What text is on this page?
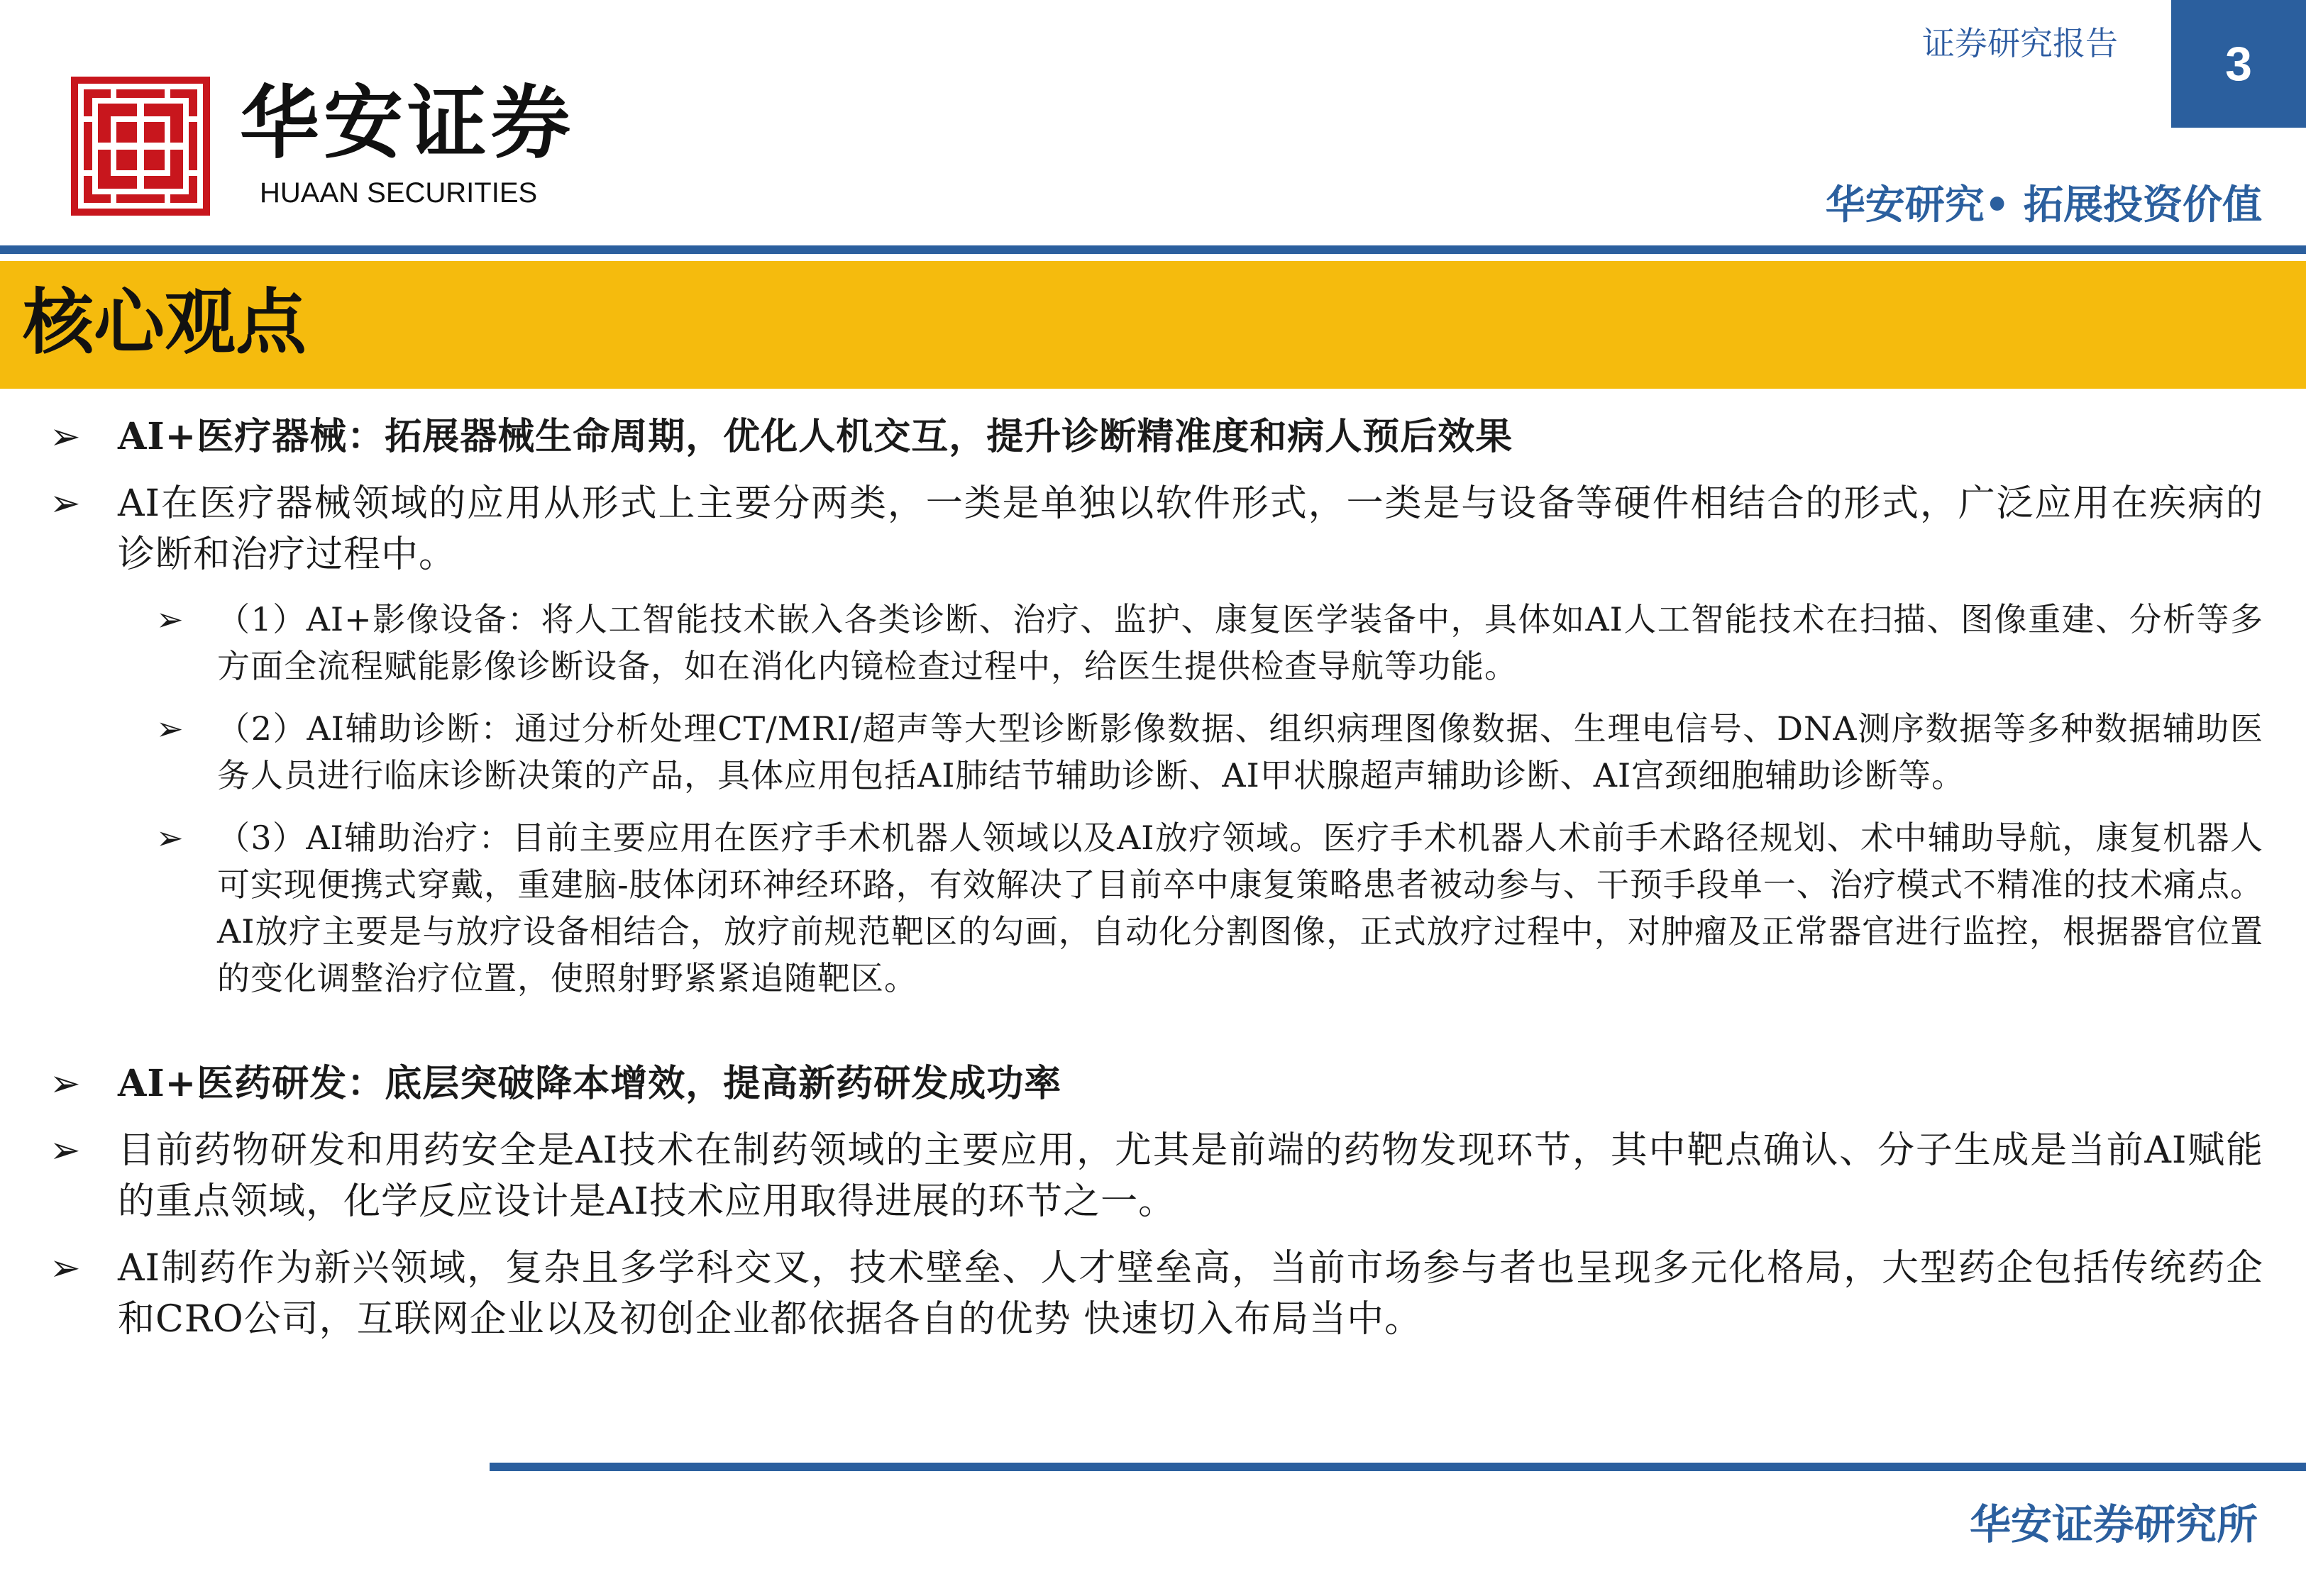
华安证券
HUAAN SECURITIES
证券研究报告 3
华安研究• 拓展投资价值
核心观点
➢ AI+医疗器械：拓展器械生命周期，优化人机交互，提升诊断精准度和病人预后效果
➢ AI在医疗器械领域的应用从形式上主要分两类，一类是单独以软件形式，一类是与设备等硬件相结合的形式，广泛应用在疾病的诊断和治疗过程中。
➢ （1）AI+影像设备：将人工智能技术嵌入各类诊断、治疗、监护、康复医学装备中，具体如AI人工智能技术在扫描、图像重建、分析等多方面全流程赋能影像诊断设备，如在消化内镜检查过程中，给医生提供检查导航等功能。
➢ （2）AI辅助诊断：通过分析处理CT/MRI/超声等大型诊断影像数据、组织病理图像数据、生理电信号、DNA测序数据等多种数据辅助医务人员进行临床诊断决策的产品，具体应用包括AI肺结节辅助诊断、AI甲状腺超声辅助诊断、AI宫颈细胞辅助诊断等。
➢ （3）AI辅助治疗：目前主要应用在医疗手术机器人领域以及AI放疗领域。医疗手术机器人术前手术路径规划、术中辅助导航，康复机器人可实现便携式穿戴，重建脑-肢体闭环神经环路，有效解决了目前卒中康复策略患者被动参与、干预手段单一、治疗模式不精准的技术痛点。AI放疗主要是与放疗设备相结合，放疗前规范靶区的勾画，自动化分割图像，正式放疗过程中，对肿瘤及正常器官进行监控，根据器官位置的变化调整治疗位置，使照射野紧紧追随靶区。
➢ AI+医药研发：底层突破降本增效，提高新药研发成功率
➢ 目前药物研发和用药安全是AI技术在制药领域的主要应用，尤其是前端的药物发现环节，其中靶点确认、分子生成是当前AI赋能的重点领域，化学反应设计是AI技术应用取得进展的环节之一。
➢ AI制药作为新兴领域，复杂且多学科交叉，技术壁垒、人才壁垒高，当前市场参与者也呈现多元化格局，大型药企包括传统药企和CRO公司，互联网企业以及初创企业都依据各自的优势 快速切入布局当中。
华安证券研究所
